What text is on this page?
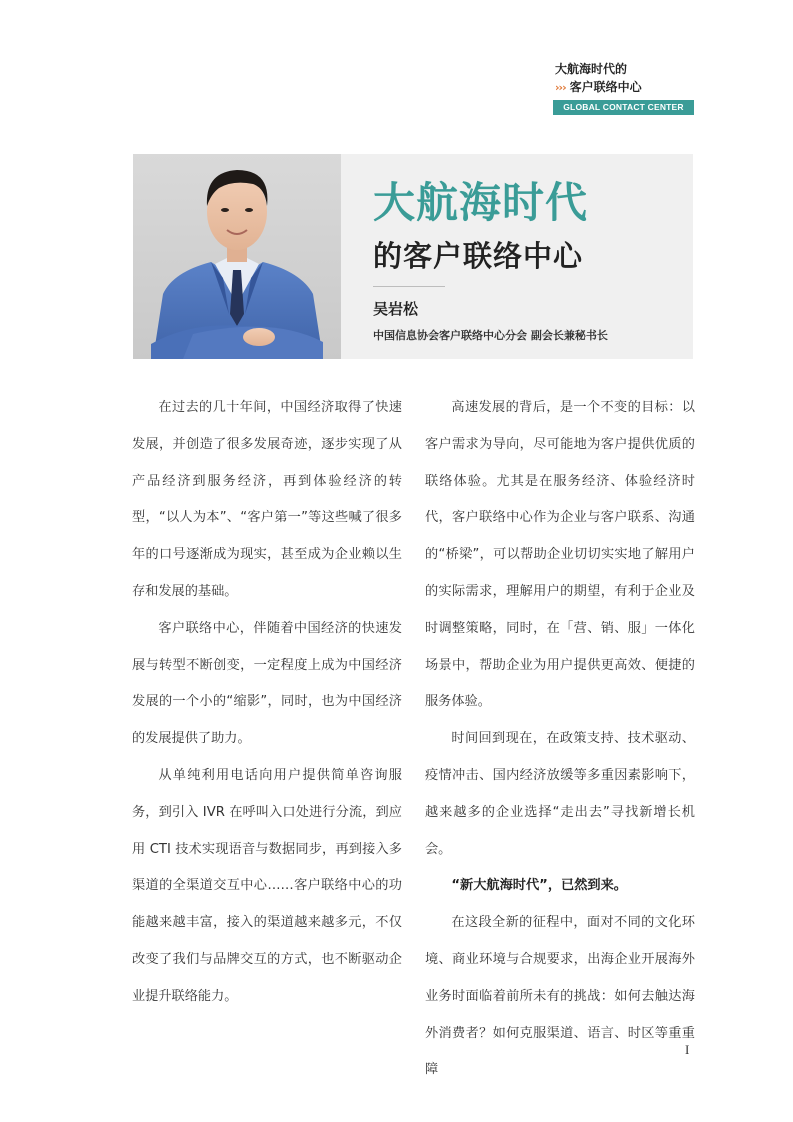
大航海时代的
››› 客户联络中心
GLOBAL CONTACT CENTER
大航海时代
的客户联络中心
吴岩松
中国信息协会客户联络中心分会 副会长兼秘书长

在过去的几十年间，中国经济取得了快速发展，并创造了很多发展奇迹，逐步实现了从产品经济到服务经济，再到体验经济的转型，“以人为本”、“客户第一”等这些喊了很多年的口号逐渐成为现实，甚至成为企业赖以生存和发展的基础。

客户联络中心，伴随着中国经济的快速发展与转型不断创变，一定程度上成为中国经济发展的一个小的“缩影”，同时，也为中国经济的发展提供了助力。

从单纯利用电话向用户提供简单咨询服务，到引入 IVR 在呼叫入口处进行分流，到应用 CTI 技术实现语音与数据同步，再到接入多渠道的全渠道交互中心……客户联络中心的功能越来越丰富，接入的渠道越来越多元，不仅改变了我们与品牌交互的方式，也不断驱动企业提升联络能力。

高速发展的背后，是一个不变的目标：以客户需求为导向，尽可能地为客户提供优质的联络体验。尤其是在服务经济、体验经济时代，客户联络中心作为企业与客户联系、沟通的“桥梁”，可以帮助企业切切实实地了解用户的实际需求，理解用户的期望，有利于企业及时调整策略，同时，在「营、销、服」一体化场景中，帮助企业为用户提供更高效、便捷的服务体验。

时间回到现在，在政策支持、技术驱动、疫情冲击、国内经济放缓等多重因素影响下，越来越多的企业选择“走出去”寻找新增长机会。

“新大航海时代”，已然到来。

在这段全新的征程中，面对不同的文化环境、商业环境与合规要求，出海企业开展海外业务时面临着前所未有的挑战：如何去触达海外消费者？如何克服渠道、语言、时区等重重障

I
